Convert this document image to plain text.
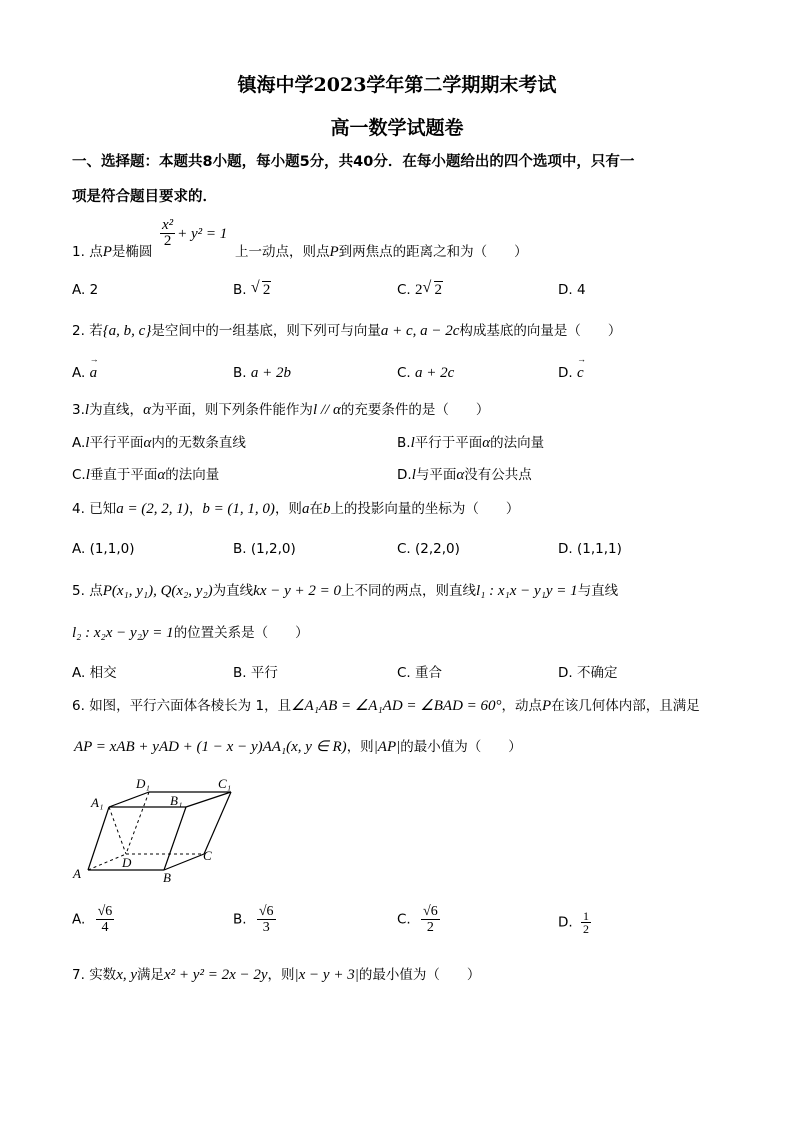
镇海中学2023学年第二学期期末考试
高一数学试题卷
一、选择题：本题共8小题，每小题5分，共40分．在每小题给出的四个选项中，只有一
项是符合题目要求的．
1. 点P是椭圆
$\frac{\text{x²}}{2} + y^2 = 1$
上一动点，则点P到两焦点的距离之和为（　　）
A. 2	B. √ 2	C. 2 √ 2	D. 4
2. 若{a, b, c}是空间中的一组基底，则下列可与向量a + c, a − 2c构成基底的向量是（　　）
A. → a	B. a + 2b	C. a + 2c	D. → c
3.l为直线，α为平面，则下列条件能作为l // α的充要条件的是（　　）
A.l平行平面α内的无数条直线	B.l平行于平面α的法向量
C.l垂直于平面α的法向量	D.l与平面α没有公共点
4. 已知a = (2, 2, 1)，b = (1, 1, 0)，则a在b上的投影向量的坐标为（　　）
A. (1,1,0)	B. (1,2,0)	C. (2,2,0)	D. (1,1,1)
5. 点P(x₁, y₁), Q(x₂, y₂)为直线kx − y + 2 = 0上不同的两点，则直线l₁ : x₁x − y₁y = 1与直线
l₂ : x₂x − y₂y = 1的位置关系是（　　）
A. 相交	B. 平行	C. 重合	D. 不确定
6. 如图，平行六面体各棱长为 1，且∠A₁AB = ∠A₁AD = ∠BAD = 60°，动点P在该几何体内部，且满足
AP = xAB + yAD + (1 − x − y)AA₁(x, y ∈ R)，则|AP|的最小值为（　　）
D₁	C₁
A₁	B₁
D	C
A	B
A. $\frac{√6}{4}$	B. $\frac{√6}{3}$	C. $\frac{√6}{2}$	D. $\frac{1}{2}$
7. 实数x, y满足x² + y² = 2x − 2y，则|x − y + 3|的最小值为（　　）
